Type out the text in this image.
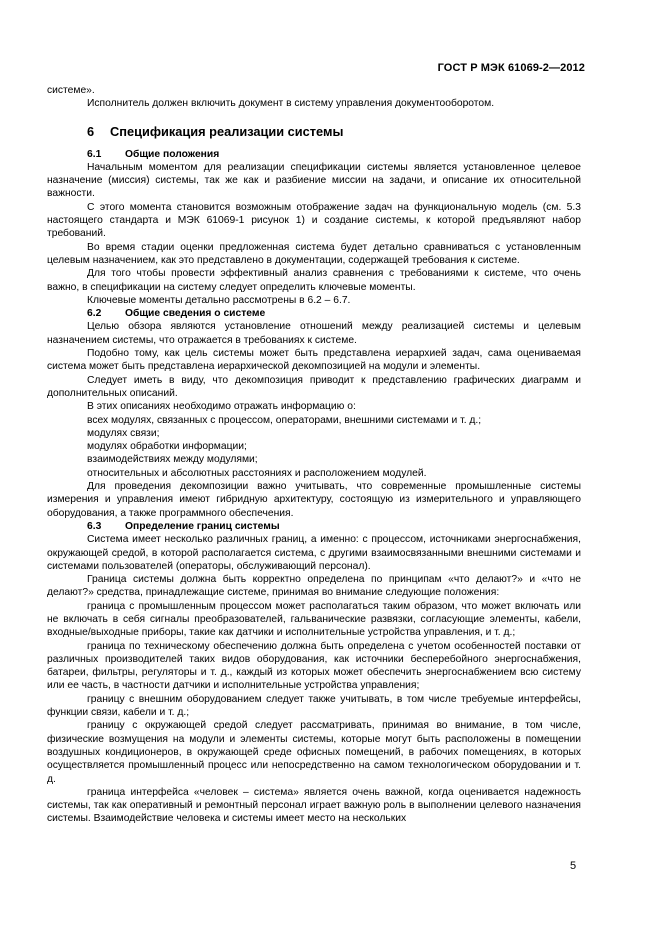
ГОСТ Р МЭК 61069-2—2012

системе».

Исполнитель должен включить документ в систему управления документооборотом.

6 Спецификация реализации системы
6.1 Общие положения

Начальным моментом для реализации спецификации системы является установленное целевое назначение (миссия) системы, так же как и разбиение миссии на задачи, и описание их относительной важности.

С этого момента становится возможным отображение задач на функциональную модель (см. 5.3 настоящего стандарта и МЭК 61069-1 рисунок 1) и создание системы, к которой предъявляют набор требований.

Во время стадии оценки предложенная система будет детально сравниваться с установленным целевым назначением, как это представлено в документации, содержащей требования к системе.

Для того чтобы провести эффективный анализ сравнения с требованиями к системе, что очень важно, в спецификации на систему следует определить ключевые моменты.

Ключевые моменты детально рассмотрены в 6.2 – 6.7.

6.2 Общие сведения о системе

Целью обзора являются установление отношений между реализацией системы и целевым назначением системы, что отражается в требованиях к системе.

Подобно тому, как цель системы может быть представлена иерархией задач, сама оцениваемая система может быть представлена иерархической декомпозицией на модули и элементы.

Следует иметь в виду, что декомпозиция приводит к представлению графических диаграмм и дополнительных описаний.

В этих описаниях необходимо отражать информацию о:

всех модулях, связанных с процессом, операторами, внешними системами и т. д.;

модулях связи;

модулях обработки информации;

взаимодействиях между модулями;

относительных и абсолютных расстояниях и расположением модулей.

Для проведения декомпозиции важно учитывать, что современные промышленные системы измерения и управления имеют гибридную архитектуру, состоящую из измерительного и управляющего оборудования, а также программного обеспечения.

6.3 Определение границ системы

Система имеет несколько различных границ, а именно: с процессом, источниками энергоснабжения, окружающей средой, в которой располагается система, с другими взаимосвязанными внешними системами и системами пользователей (операторы, обслуживающий персонал).

Граница системы должна быть корректно определена по принципам «что делают?» и «что не делают?» средства, принадлежащие системе, принимая во внимание следующие положения:

граница с промышленным процессом может располагаться таким образом, что может включать или не включать в себя сигналы преобразователей, гальванические развязки, согласующие элементы, кабели, входные/выходные приборы, такие как датчики и исполнительные устройства управления, и т. д.;

граница по техническому обеспечению должна быть определена с учетом особенностей поставки от различных производителей таких видов оборудования, как источники бесперебойного энергоснабжения, батареи, фильтры, регуляторы и т. д., каждый из которых может обеспечить энергоснабжением всю систему или ее часть, в частности датчики и исполнительные устройства управления;

границу с внешним оборудованием следует также учитывать, в том числе требуемые интерфейсы, функции связи, кабели и т. д.;

границу с окружающей средой следует рассматривать, принимая во внимание, в том числе, физические возмущения на модули и элементы системы, которые могут быть расположены в помещении воздушных кондиционеров, в окружающей среде офисных помещений, в рабочих помещениях, в которых осуществляется промышленный процесс или непосредственно на самом технологическом оборудовании и т. д.

граница интерфейса «человек – система» является очень важной, когда оценивается надежность системы, так как оперативный и ремонтный персонал играет важную роль в выполнении целевого назначения системы. Взаимодействие человека и системы имеет место на нескольких

5
